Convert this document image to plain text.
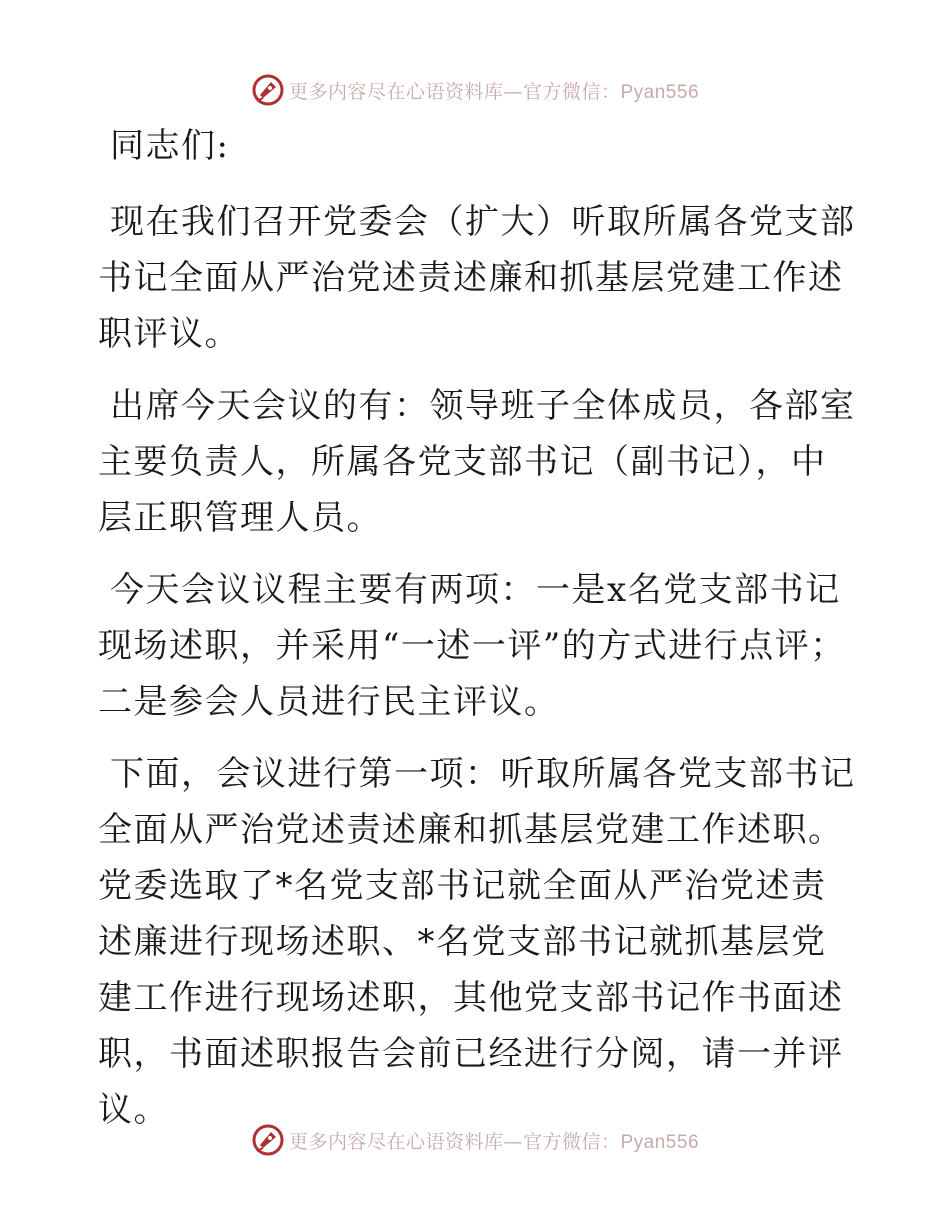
更多内容尽在心语资料库—官方微信：Pyan556

同志们:

现在我们召开党委会（扩大）听取所属各党支部书记全面从严治党述责述廉和抓基层党建工作述职评议。

出席今天会议的有：领导班子全体成员，各部室主要负责人，所属各党支部书记（副书记），中层正职管理人员。

今天会议议程主要有两项：一是x名党支部书记现场述职，并采用“一述一评”的方式进行点评；二是参会人员进行民主评议。

下面，会议进行第一项：听取所属各党支部书记全面从严治党述责述廉和抓基层党建工作述职。党委选取了*名党支部书记就全面从严治党述责述廉进行现场述职、*名党支部书记就抓基层党建工作进行现场述职，其他党支部书记作书面述职，书面述职报告会前已经进行分阅，请一并评议。

更多内容尽在心语资料库—官方微信：Pyan556
